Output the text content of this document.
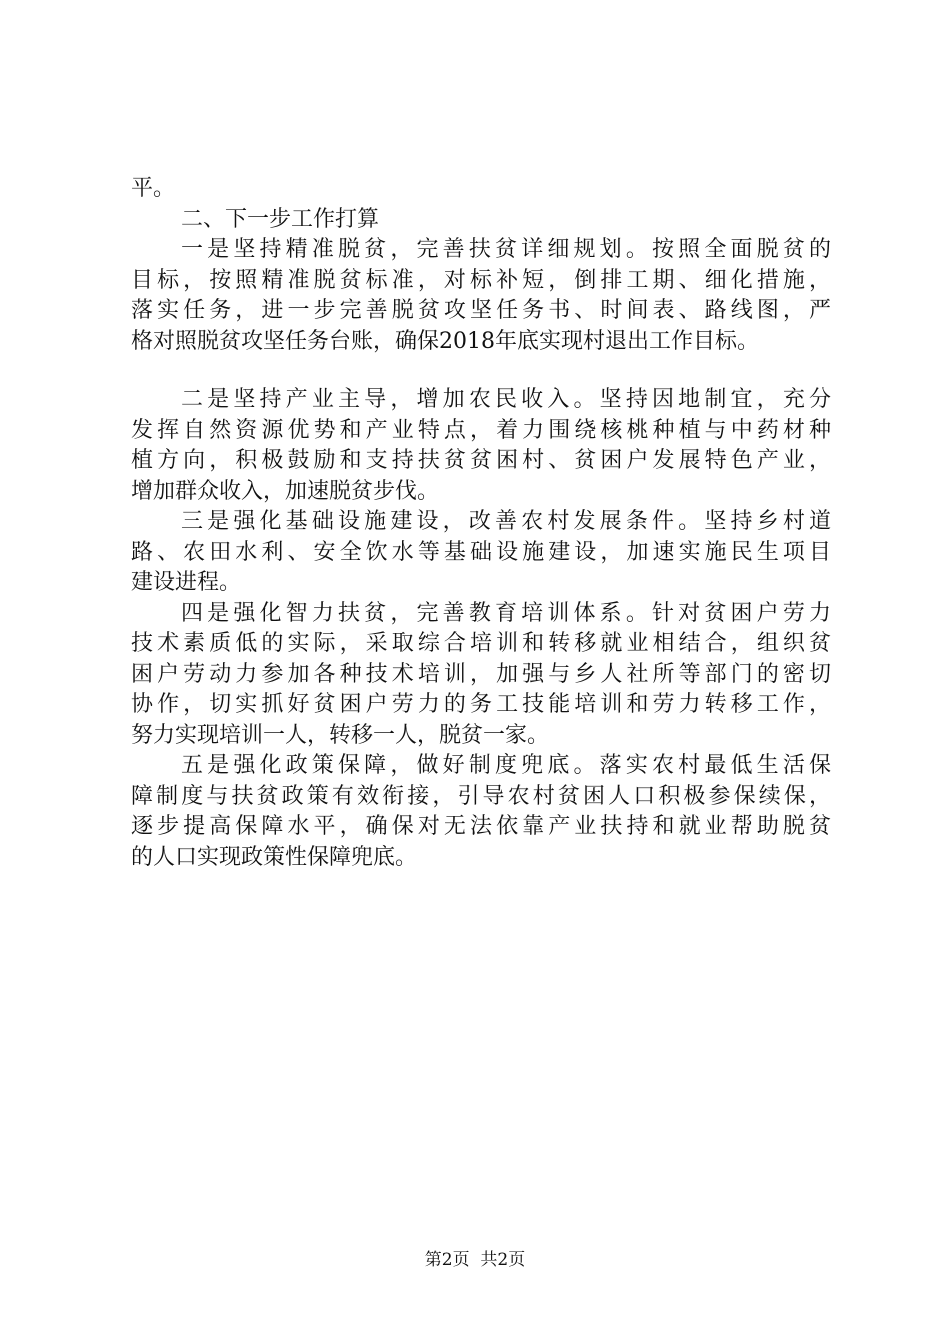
平。
二、下一步工作打算
一是坚持精准脱贫，完善扶贫详细规划。按照全面脱贫的
目标，按照精准脱贫标准，对标补短，倒排工期、细化措施，
落实任务，进一步完善脱贫攻坚任务书、时间表、路线图，严
格对照脱贫攻坚任务台账，确保2018年底实现村退出工作目标。
二是坚持产业主导，增加农民收入。坚持因地制宜，充分
发挥自然资源优势和产业特点，着力围绕核桃种植与中药材种
植方向，积极鼓励和支持扶贫贫困村、贫困户发展特色产业，
增加群众收入，加速脱贫步伐。
三是强化基础设施建设，改善农村发展条件。坚持乡村道
路、农田水利、安全饮水等基础设施建设，加速实施民生项目
建设进程。
四是强化智力扶贫，完善教育培训体系。针对贫困户劳力
技术素质低的实际，采取综合培训和转移就业相结合，组织贫
困户劳动力参加各种技术培训，加强与乡人社所等部门的密切
协作，切实抓好贫困户劳力的务工技能培训和劳力转移工作，
努力实现培训一人，转移一人，脱贫一家。
五是强化政策保障，做好制度兜底。落实农村最低生活保
障制度与扶贫政策有效衔接，引导农村贫困人口积极参保续保，
逐步提高保障水平，确保对无法依靠产业扶持和就业帮助脱贫
的人口实现政策性保障兜底。
第2页  共2页
